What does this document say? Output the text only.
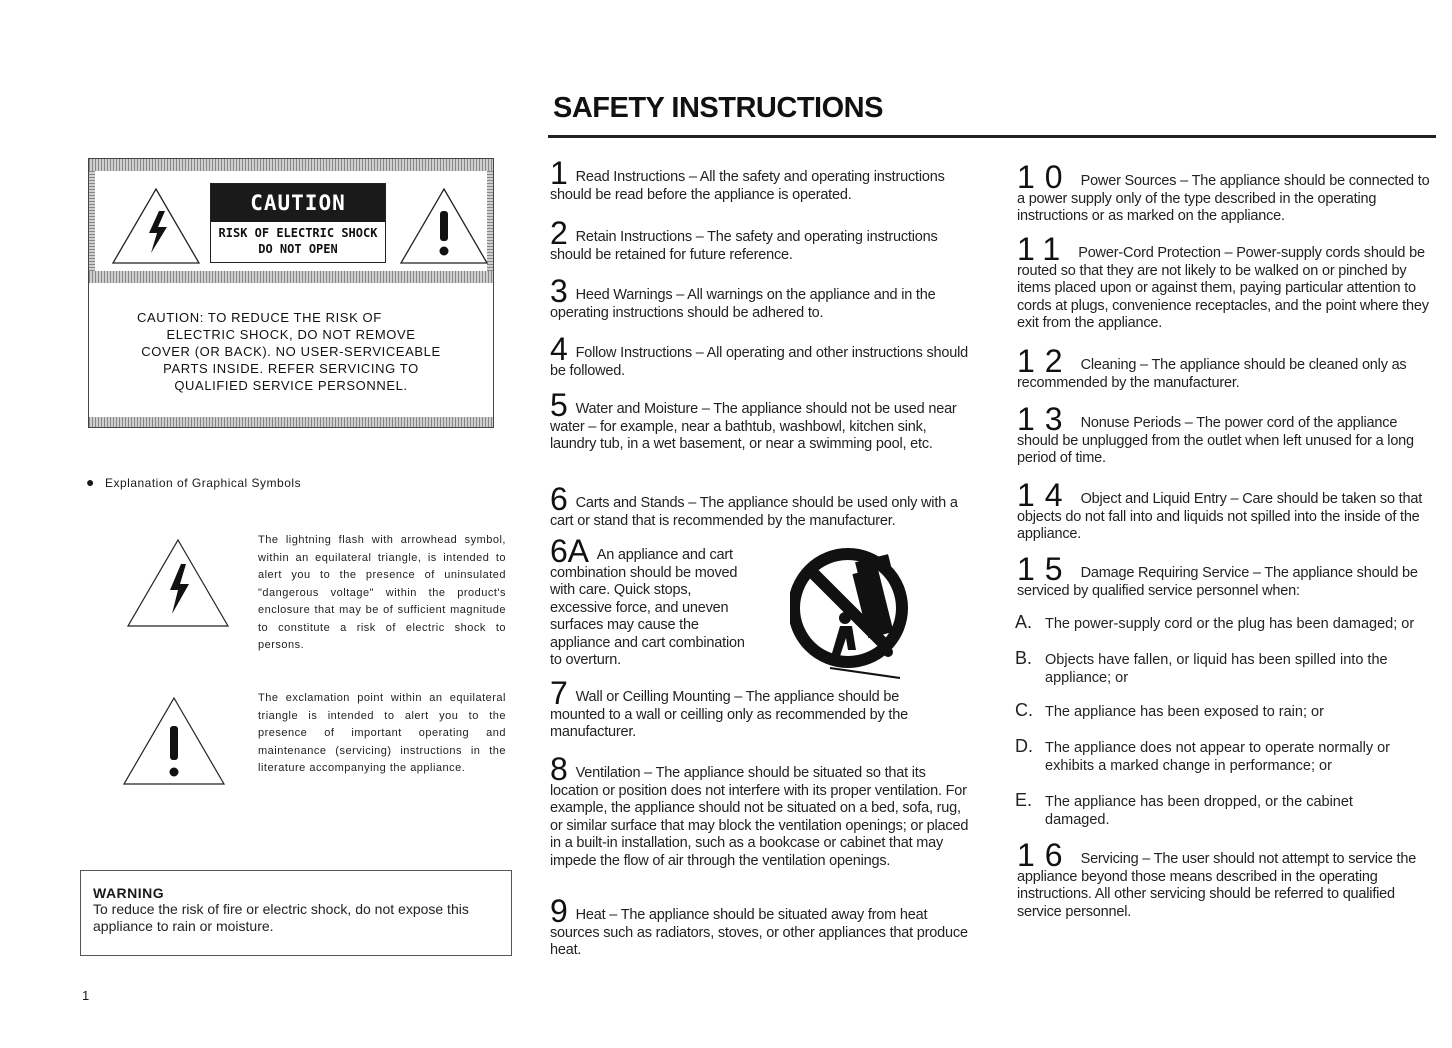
SAFETY INSTRUCTIONS
CAUTION
RISK OF ELECTRIC SHOCK
DO NOT OPEN
CAUTION: TO REDUCE THE RISK OF
ELECTRIC SHOCK, DO NOT REMOVE
COVER (OR BACK). NO USER-SERVICEABLE
PARTS INSIDE. REFER SERVICING TO
QUALIFIED SERVICE PERSONNEL.
● Explanation of Graphical Symbols
The lightning flash with arrowhead symbol, within an equilateral triangle, is intended to alert you to the presence of uninsulated "dangerous voltage" within the product's enclosure that may be of sufficient magnitude to constitute a risk of electric shock to persons.
The exclamation point within an equilateral triangle is intended to alert you to the presence of important operating and maintenance (servicing) instructions in the literature accompanying the appliance.
WARNING
To reduce the risk of fire or electric shock, do not expose this appliance to rain or moisture.
1
1 Read Instructions – All the safety and operating instructions should be read before the appliance is operated.
2 Retain Instructions – The safety and operating instructions should be retained for future reference.
3 Heed Warnings – All warnings on the appliance and in the operating instructions should be adhered to.
4 Follow Instructions – All operating and other instructions should be followed.
5 Water and Moisture – The appliance should not be used near water – for example, near a bathtub, washbowl, kitchen sink, laundry tub, in a wet basement, or near a swimming pool, etc.
6 Carts and Stands – The appliance should be used only with a cart or stand that is recommended by the manufacturer.
6A An appliance and cart combination should be moved with care. Quick stops, excessive force, and uneven surfaces may cause the appliance and cart combination to overturn.
7 Wall or Ceilling Mounting – The appliance should be mounted to a wall or ceilling only as recommended by the manufacturer.
8 Ventilation – The appliance should be situated so that its location or position does not interfere with its proper ventilation. For example, the appliance should not be situated on a bed, sofa, rug, or similar surface that may block the ventilation openings; or placed in a built-in installation, such as a bookcase or cabinet that may impede the flow of air through the ventilation openings.
9 Heat – The appliance should be situated away from heat sources such as radiators, stoves, or other appliances that produce heat.
10 Power Sources – The appliance should be connected to a power supply only of the type described in the operating instructions or as marked on the appliance.
11 Power-Cord Protection – Power-supply cords should be routed so that they are not likely to be walked on or pinched by items placed upon or against them, paying particular attention to cords at plugs, convenience receptacles, and the point where they exit from the appliance.
12 Cleaning – The appliance should be cleaned only as recommended by the manufacturer.
13 Nonuse Periods – The power cord of the appliance should be unplugged from the outlet when left unused for a long period of time.
14 Object and Liquid Entry – Care should be taken so that objects do not fall into and liquids not spilled into the inside of the appliance.
15 Damage Requiring Service – The appliance should be serviced by qualified service personnel when:
A. The power-supply cord or the plug has been damaged; or
B. Objects have fallen, or liquid has been spilled into the appliance; or
C. The appliance has been exposed to rain; or
D. The appliance does not appear to operate normally or exhibits a marked change in performance; or
E. The appliance has been dropped, or the cabinet damaged.
16 Servicing – The user should not attempt to service the appliance beyond those means described in the operating instructions. All other servicing should be referred to qualified service personnel.
